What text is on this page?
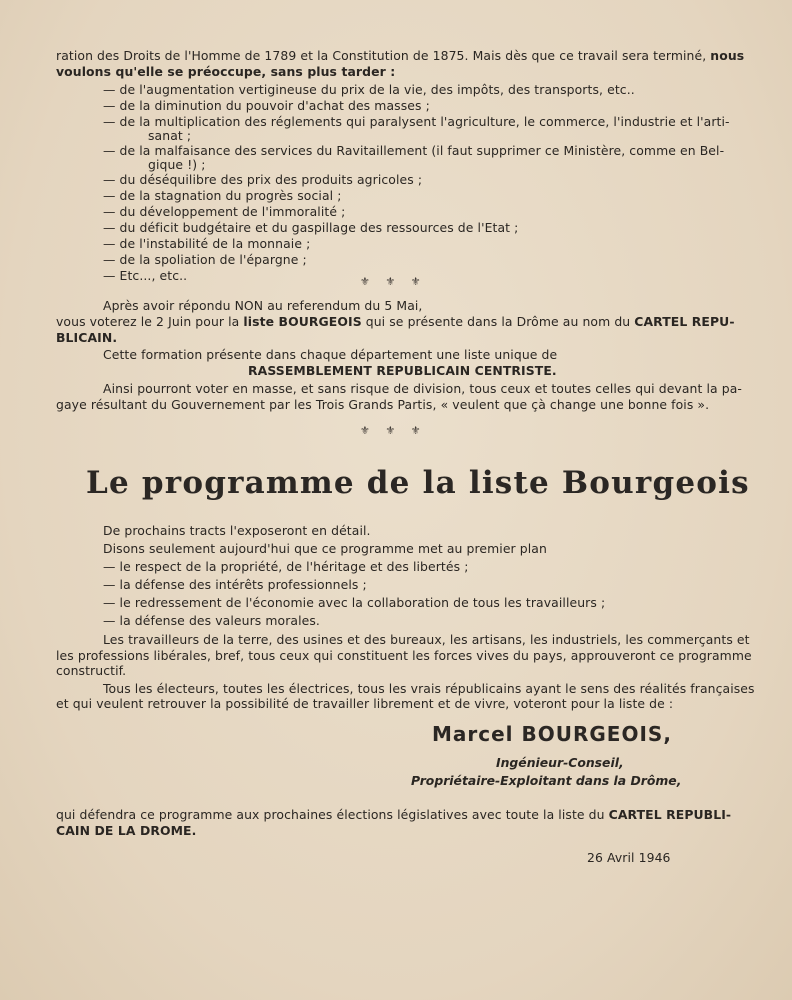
ration des Droits de l'Homme de 1789 et la Constitution de 1875. Mais dès que ce travail sera terminé, nous
voulons qu'elle se préoccupe, sans plus tarder :
— de l'augmentation vertigineuse du prix de la vie, des impôts, des transports, etc..
— de la diminution du pouvoir d'achat des masses ;
— de la multiplication des réglements qui paralysent l'agriculture, le commerce, l'industrie et l'arti-
sanat ;
— de la malfaisance des services du Ravitaillement (il faut supprimer ce Ministère, comme en Bel-
gique !) ;
— du déséquilibre des prix des produits agricoles ;
— de la stagnation du progrès social ;
— du développement de l'immoralité ;
— du déficit budgétaire et du gaspillage des ressources de l'Etat ;
— de l'instabilité de la monnaie ;
— de la spoliation de l'épargne ;
— Etc..., etc..	⚜ ⚜ ⚜
Après avoir répondu NON au referendum du 5 Mai,
vous voterez le 2 Juin pour la liste BOURGEOIS qui se présente dans la Drôme au nom du CARTEL REPU-
BLICAIN.
Cette formation présente dans chaque département une liste unique de
RASSEMBLEMENT REPUBLICAIN CENTRISTE.
Ainsi pourront voter en masse, et sans risque de division, tous ceux et toutes celles qui devant la pa-
gaye résultant du Gouvernement par les Trois Grands Partis, « veulent que çà change une bonne fois ».
⚜ ⚜ ⚜
Le programme de la liste Bourgeois
De prochains tracts l'exposeront en détail.
Disons seulement aujourd'hui que ce programme met au premier plan
— le respect de la propriété, de l'héritage et des libertés ;
— la défense des intérêts professionnels ;
— le redressement de l'économie avec la collaboration de tous les travailleurs ;
— la défense des valeurs morales.
Les travailleurs de la terre, des usines et des bureaux, les artisans, les industriels, les commerçants et
les professions libérales, bref, tous ceux qui constituent les forces vives du pays, approuveront ce programme
constructif.
Tous les électeurs, toutes les électrices, tous les vrais républicains ayant le sens des réalités françaises
et qui veulent retrouver la possibilité de travailler librement et de vivre, voteront pour la liste de :
Marcel BOURGEOIS,
Ingénieur-Conseil,
Propriétaire-Exploitant dans la Drôme,
qui défendra ce programme aux prochaines élections législatives avec toute la liste du CARTEL REPUBLI-
CAIN DE LA DROME.
26 Avril 1946
